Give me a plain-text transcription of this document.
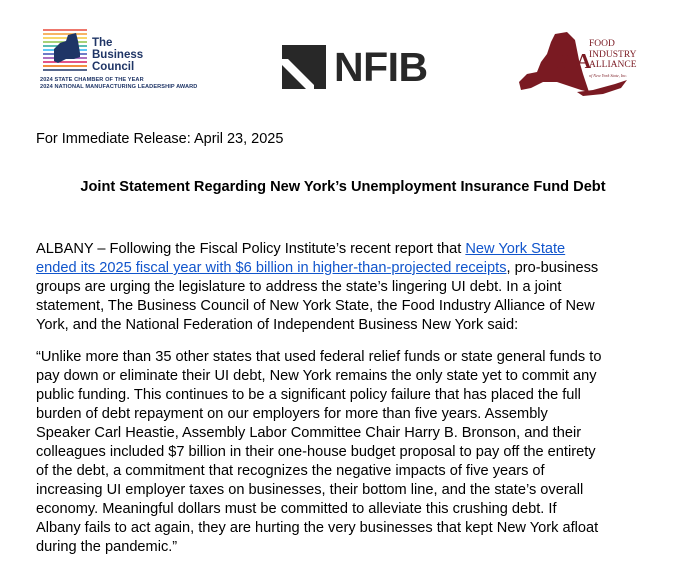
The
Business
Council
2024 STATE CHAMBER OF THE YEAR
2024 NATIONAL MANUFACTURING LEADERSHIP AWARD	NFIB	FIA
FOOD
INDUSTRY
ALLIANCE
of New York State, Inc.
For Immediate Release: April 23, 2025
Joint Statement Regarding New York’s Unemployment Insurance Fund Debt

ALBANY – Following the Fiscal Policy Institute’s recent report that New York State
ended its 2025 fiscal year with $6 billion in higher-than-projected receipts, pro-business
groups are urging the legislature to address the state’s lingering UI debt. In a joint
statement, The Business Council of New York State, the Food Industry Alliance of New
York, and the National Federation of Independent Business New York said:

“Unlike more than 35 other states that used federal relief funds or state general funds to
pay down or eliminate their UI debt, New York remains the only state yet to commit any
public funding. This continues to be a significant policy failure that has placed the full
burden of debt repayment on our employers for more than five years. Assembly
Speaker Carl Heastie, Assembly Labor Committee Chair Harry B. Bronson, and their
colleagues included $7 billion in their one-house budget proposal to pay off the entirety
of the debt, a commitment that recognizes the negative impacts of five years of
increasing UI employer taxes on businesses, their bottom line, and the state’s overall
economy. Meaningful dollars must be committed to alleviate this crushing debt. If
Albany fails to act again, they are hurting the very businesses that kept New York afloat
during the pandemic.”
